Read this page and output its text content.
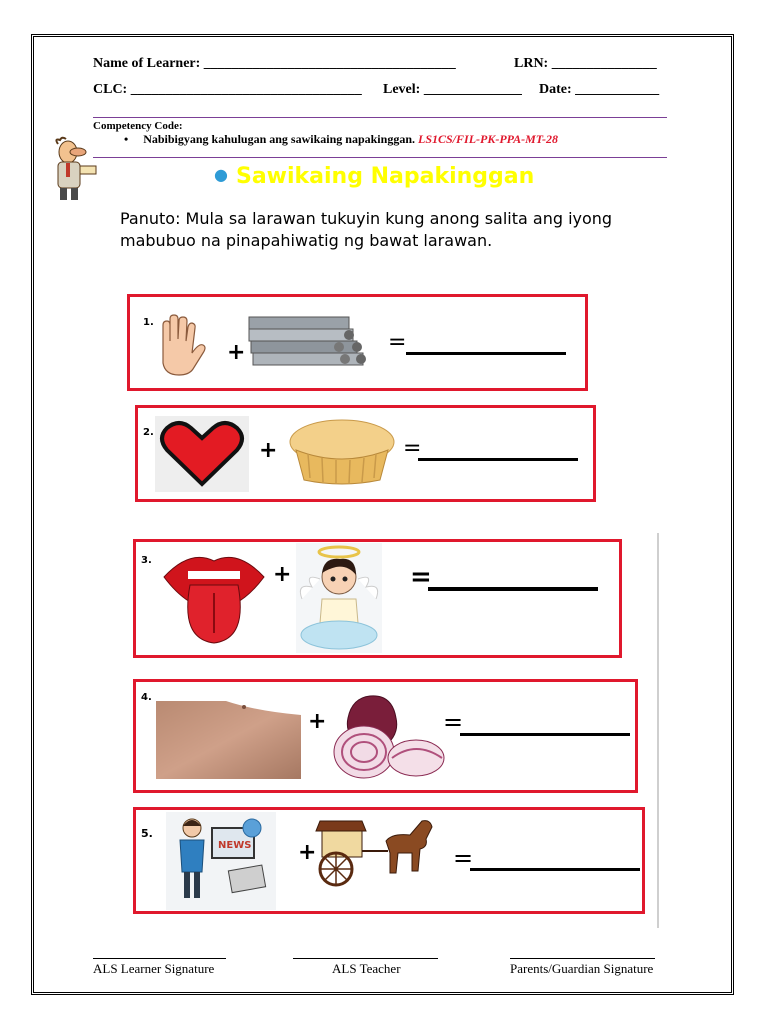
Name of Learner: ____________________________________	LRN: _______________
CLC: _________________________________ Level: ______________ Date: ____________
Competency Code:
•     Nabibigyang kahulugan ang sawikaing napakinggan. LS1CS/FIL-PK-PPA-MT-28
● Sawikaing Napakinggan
Panuto: Mula sa larawan tukuyin kung anong salita ang iyong mabubuo na pinapahiwatig ng bawat larawan.
1.
+	=
2.
+	=
3.
+	=
4.
+	=
5.
NEWS +	=
ALS Learner Signature	ALS Teacher	Parents/Guardian Signature
